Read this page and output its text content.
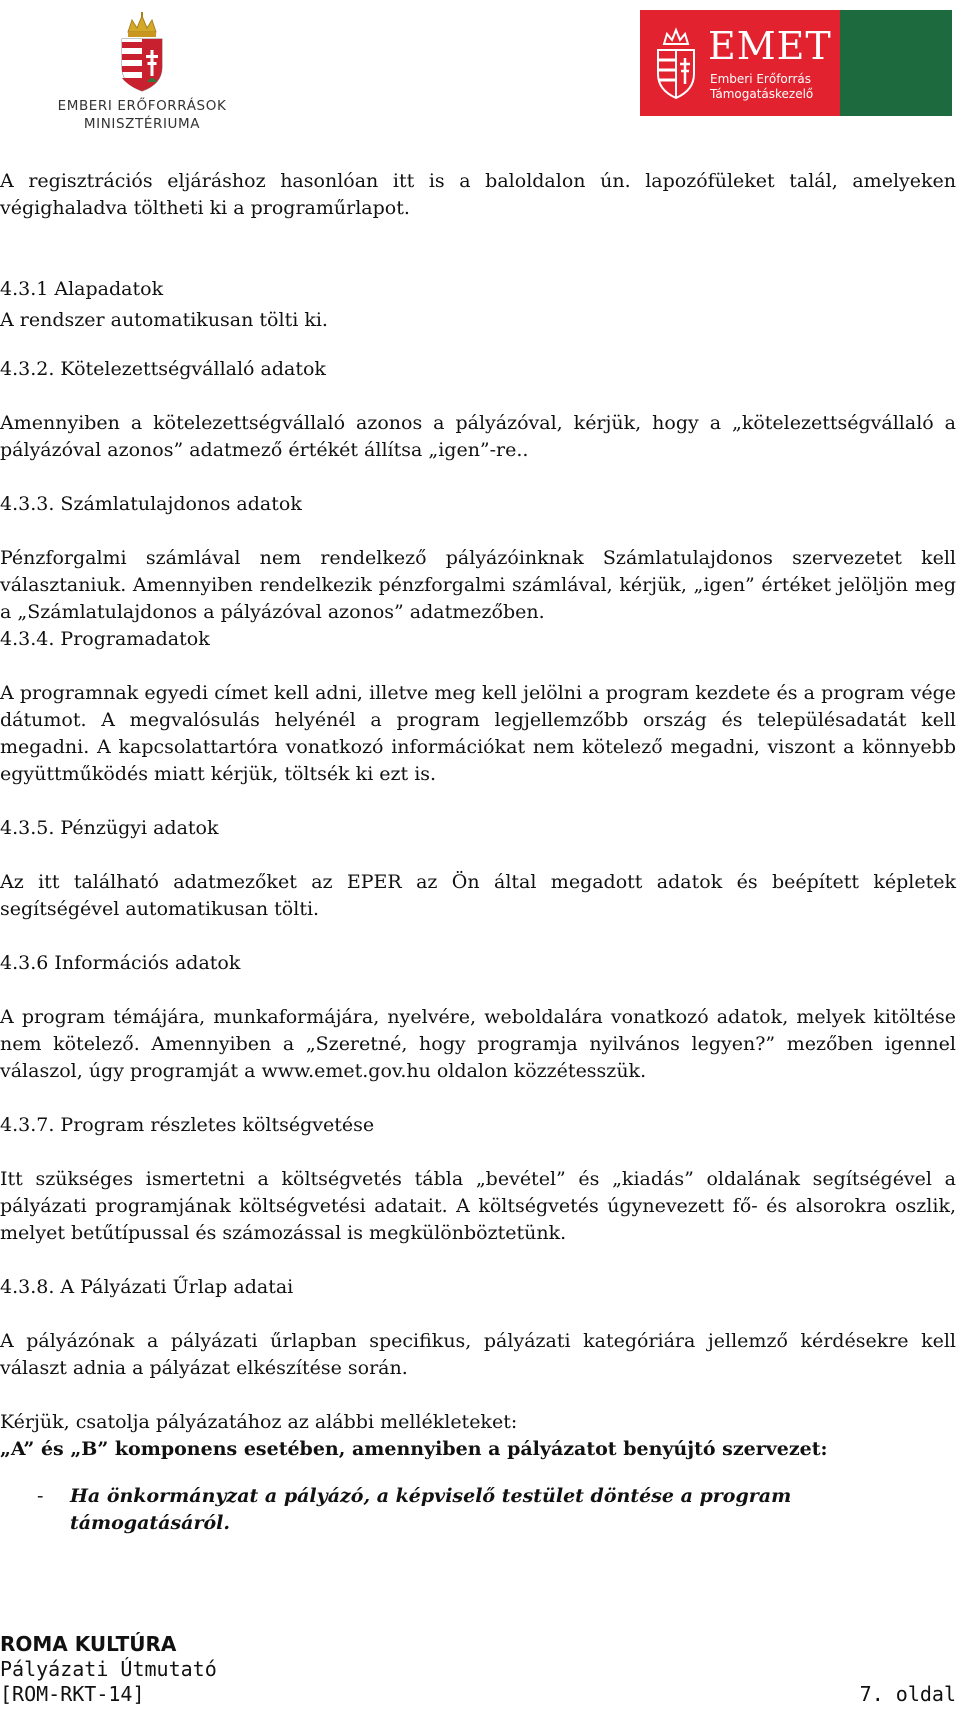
EMBERI ERŐFORRÁSOK
MINISZTÉRIUMA
EMET
Emberi Erőforrás
Támogatáskezelő

A regisztrációs eljáráshoz hasonlóan itt is a baloldalon ún. lapozófüleket talál, amelyeken végighaladva töltheti ki a programűrlapot.

4.3.1 Alapadatok

A rendszer automatikusan tölti ki.

4.3.2. Kötelezettségvállaló adatok

Amennyiben a kötelezettségvállaló azonos a pályázóval, kérjük, hogy a „kötelezettségvállaló a pályázóval azonos” adatmező értékét állítsa „igen”-re..

4.3.3. Számlatulajdonos adatok

Pénzforgalmi számlával nem rendelkező pályázóinknak Számlatulajdonos szervezetet kell választaniuk. Amennyiben rendelkezik pénzforgalmi számlával, kérjük, „igen” értéket jelöljön meg a „Számlatulajdonos a pályázóval azonos” adatmezőben.

4.3.4. Programadatok

A programnak egyedi címet kell adni, illetve meg kell jelölni a program kezdete és a program vége dátumot. A megvalósulás helyénél a program legjellemzőbb ország és településadatát kell megadni. A kapcsolattartóra vonatkozó információkat nem kötelező megadni, viszont a könnyebb együttműködés miatt kérjük, töltsék ki ezt is.

4.3.5. Pénzügyi adatok

Az itt található adatmezőket az EPER az Ön által megadott adatok és beépített képletek segítségével automatikusan tölti.

4.3.6 Információs adatok

A program témájára, munkaformájára, nyelvére, weboldalára vonatkozó adatok, melyek kitöltése nem kötelező. Amennyiben a „Szeretné, hogy programja nyilvános legyen?” mezőben igennel válaszol, úgy programját a www.emet.gov.hu oldalon közzétesszük.

4.3.7. Program részletes költségvetése

Itt szükséges ismertetni a költségvetés tábla „bevétel” és „kiadás” oldalának segítségével a pályázati programjának költségvetési adatait. A költségvetés úgynevezett fő- és alsorokra oszlik, melyet betűtípussal és számozással is megkülönböztetünk.

4.3.8. A Pályázati Űrlap adatai

A pályázónak a pályázati űrlapban specifikus, pályázati kategóriára jellemző kérdésekre kell választ adnia a pályázat elkészítése során.

Kérjük, csatolja pályázatához az alábbi mellékleteket:

„A” és „B” komponens esetében, amennyiben a pályázatot benyújtó szervezet:

-	Ha önkormányzat a pályázó, a képviselő testület döntése a program támogatásáról.
ROMA KULTÚRA
Pályázati Útmutató
[ROM-RKT-14]	7. oldal
